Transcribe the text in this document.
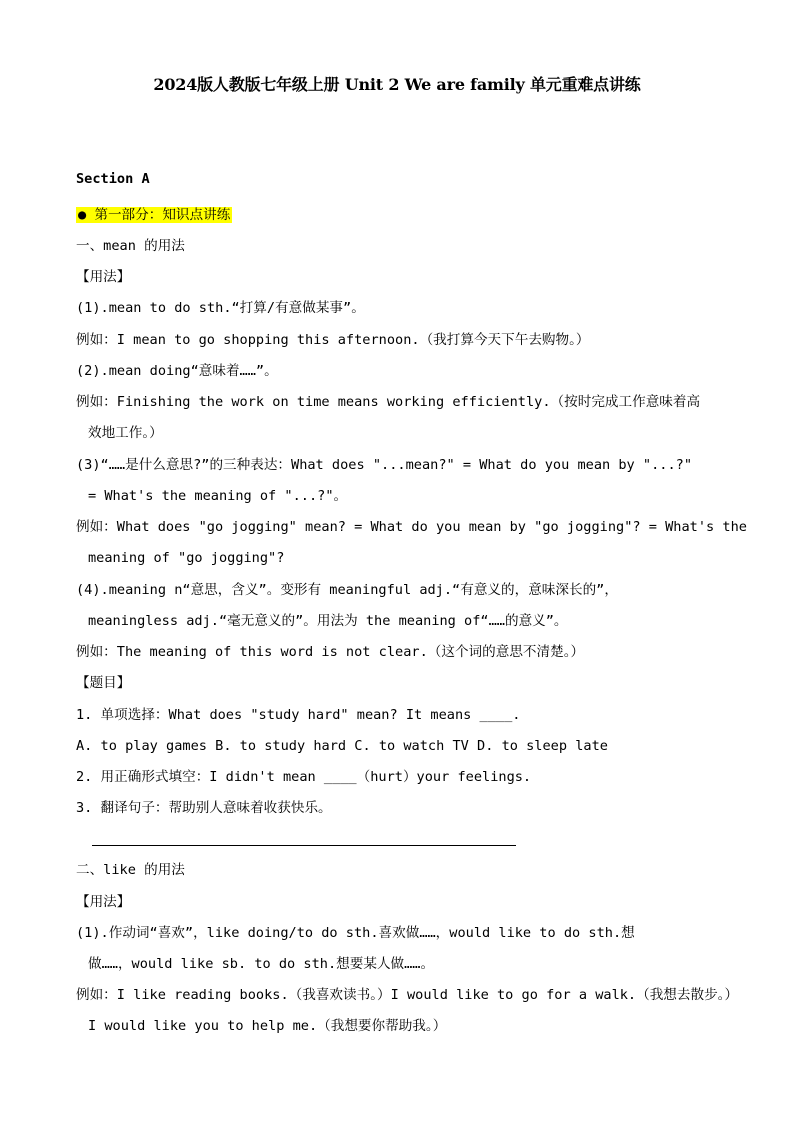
2024版人教版七年级上册 Unit 2 We are family 单元重难点讲练
Section A
● 第一部分：知识点讲练
一、mean 的用法
【用法】
(1).mean to do sth.“打算/有意做某事”。
例如：I mean to go shopping this afternoon.（我打算今天下午去购物。）
(2).mean doing“意味着……”。
例如：Finishing the work on time means working efficiently.（按时完成工作意味着高
效地工作。）
(3)“……是什么意思?”的三种表达：What does "...mean?" = What do you mean by "...?"
= What's the meaning of "...?"。
例如：What does "go jogging" mean? = What do you mean by "go jogging"? = What's the
meaning of "go jogging"?
(4).meaning n“意思，含义”。变形有 meaningful adj.“有意义的，意味深长的”，
meaningless adj.“毫无意义的”。用法为 the meaning of“……的意义”。
例如：The meaning of this word is not clear.（这个词的意思不清楚。）
【题目】
1. 单项选择：What does "study hard" mean? It means ____.
A. to play games B. to study hard C. to watch TV D. to sleep late
2. 用正确形式填空：I didn't mean ____（hurt）your feelings.
3. 翻译句子：帮助别人意味着收获快乐。
二、like 的用法
【用法】
(1).作动词“喜欢”，like doing/to do sth.喜欢做……，would like to do sth.想
做……，would like sb. to do sth.想要某人做……。
例如：I like reading books.（我喜欢读书。）I would like to go for a walk.（我想去散步。）
I would like you to help me.（我想要你帮助我。）
